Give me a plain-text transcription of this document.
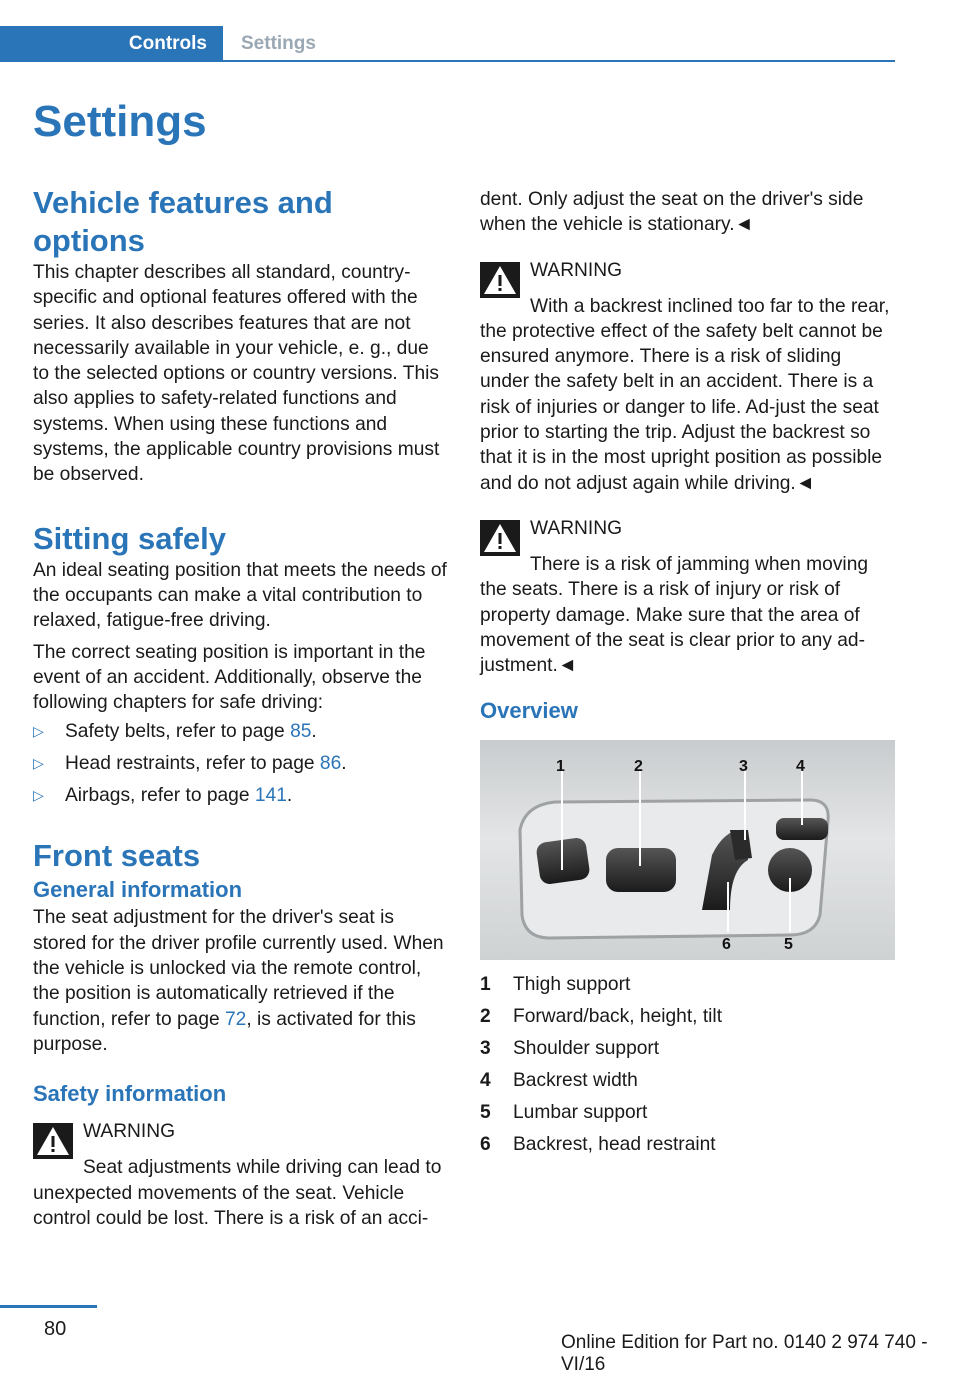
Controls Settings
Settings
Vehicle features and options

This chapter describes all standard, country-specific and optional features offered with the series. It also describes features that are not necessarily available in your vehicle, e. g., due to the selected options or country versions. This also applies to safety-related functions and systems. When using these functions and systems, the applicable country provisions must be observed.

Sitting safely

An ideal seating position that meets the needs of the occupants can make a vital contribution to relaxed, fatigue-free driving.

The correct seating position is important in the event of an accident. Additionally, observe the following chapters for safe driving:

▷	Safety belts, refer to page 85.
▷	Head restraints, refer to page 86.
▷	Airbags, refer to page 141.
Front seats
General information

The seat adjustment for the driver's seat is stored for the driver profile currently used. When the vehicle is unlocked via the remote control, the position is automatically retrieved if the function, refer to page 72, is activated for this purpose.

Safety information
WARNING

Seat adjustments while driving can lead to unexpected movements of the seat. Vehicle control could be lost. There is a risk of an acci-

dent. Only adjust the seat on the driver's side when the vehicle is stationary.◄

WARNING

With a backrest inclined too far to the rear, the protective effect of the safety belt cannot be ensured anymore. There is a risk of sliding under the safety belt in an accident. There is a risk of injuries or danger to life. Ad-just the seat prior to starting the trip. Adjust the backrest so that it is in the most upright position as possible and do not adjust again while driving.◄

WARNING

There is a risk of jamming when moving the seats. There is a risk of injury or risk of property damage. Make sure that the area of movement of the seat is clear prior to any ad-justment.◄

Overview
1	2	3	4
6	5
1	Thigh support
2	Forward/back, height, tilt
3	Shoulder support
4	Backrest width
5	Lumbar support
6	Backrest, head restraint
80
Online Edition for Part no. 0140 2 974 740 - VI/16
